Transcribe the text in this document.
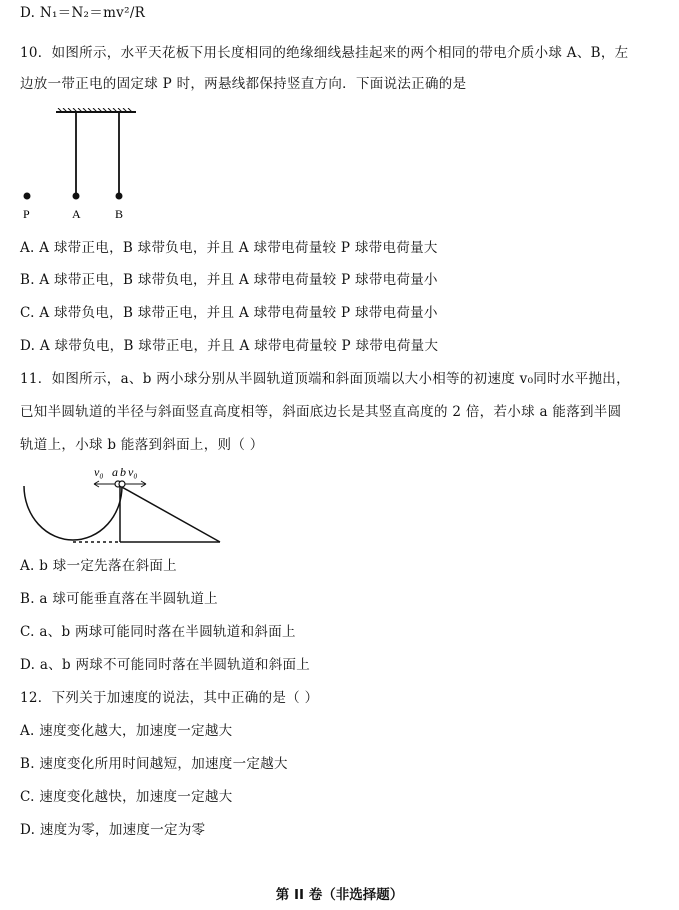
D. N₁＝N₂＝mv²/R
10．如图所示，水平天花板下用长度相同的绝缘细线悬挂起来的两个相同的带电介质小球 A、B，左
边放一带正电的固定球 P 时，两悬线都保持竖直方向．下面说法正确的是
P	A	B
A. A 球带正电，B 球带负电，并且 A 球带电荷量较 P 球带电荷量大
B. A 球带正电，B 球带负电，并且 A 球带电荷量较 P 球带电荷量小
C. A 球带负电，B 球带正电，并且 A 球带电荷量较 P 球带电荷量小
D. A 球带负电，B 球带正电，并且 A 球带电荷量较 P 球带电荷量大
11．如图所示，a、b 两小球分别从半圆轨道顶端和斜面顶端以大小相等的初速度 v₀同时水平抛出，
已知半圆轨道的半径与斜面竖直高度相等，斜面底边长是其竖直高度的 2 倍，若小球 a 能落到半圆
轨道上，小球 b 能落到斜面上，则（ ）
v₀ a b v₀
A. b 球一定先落在斜面上
B. a 球可能垂直落在半圆轨道上
C. a、b 两球可能同时落在半圆轨道和斜面上
D. a、b 两球不可能同时落在半圆轨道和斜面上
12．下列关于加速度的说法，其中正确的是（ ）
A. 速度变化越大，加速度一定越大
B. 速度变化所用时间越短，加速度一定越大
C. 速度变化越快，加速度一定越大
D. 速度为零，加速度一定为零
第 II 卷（非选择题）
